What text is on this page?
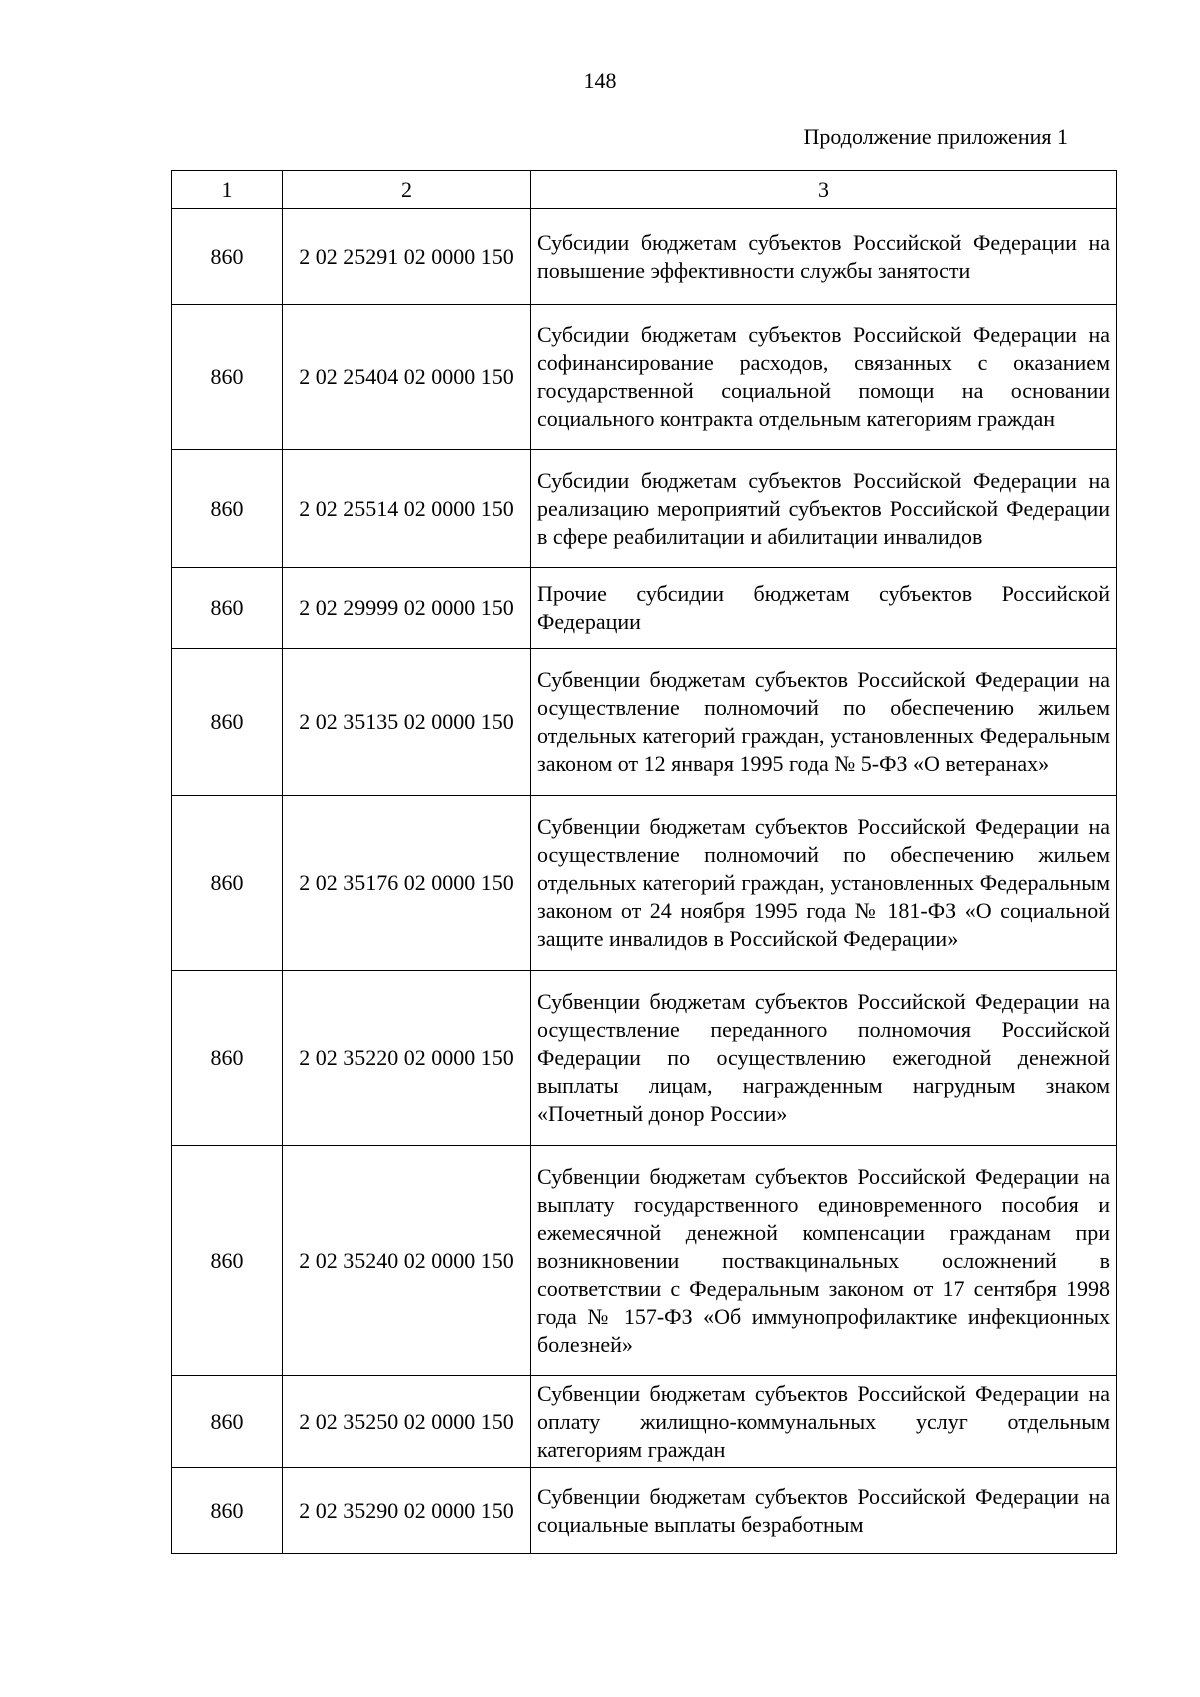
148
Продолжение приложения 1
1	2	3
860	2 02 25291 02 0000 150	Субсидии бюджетам субъектов Российской Федерации на повышение эффективности службы занятости
860	2 02 25404 02 0000 150	Субсидии бюджетам субъектов Российской Федерации на софинансирование расходов, связанных с оказанием государственной социальной помощи на основании социального контракта отдельным категориям граждан
860	2 02 25514 02 0000 150	Субсидии бюджетам субъектов Российской Федерации на реализацию мероприятий субъектов Российской Федерации в сфере реабилитации и абилитации инвалидов
860	2 02 29999 02 0000 150	Прочие субсидии бюджетам субъектов Российской Федерации
860	2 02 35135 02 0000 150	Субвенции бюджетам субъектов Российской Федерации на осуществление полномочий по обеспечению жильем отдельных категорий граждан, установленных Федеральным законом от 12 января 1995 года № 5-ФЗ «О ветеранах»
860	2 02 35176 02 0000 150	Субвенции бюджетам субъектов Российской Федерации на осуществление полномочий по обеспечению жильем отдельных категорий граждан, установленных Федеральным законом от 24 ноября 1995 года № 181-ФЗ «О социальной защите инвалидов в Российской Федерации»
860	2 02 35220 02 0000 150	Субвенции бюджетам субъектов Российской Федерации на осуществление переданного полномочия Российской Федерации по осуществлению ежегодной денежной выплаты лицам, награжденным нагрудным знаком «Почетный донор России»
860	2 02 35240 02 0000 150	Субвенции бюджетам субъектов Российской Федерации на выплату государственного единовременного пособия и ежемесячной денежной компенсации гражданам при возникновении поствакцинальных осложнений в соответствии с Федеральным законом от 17 сентября 1998 года № 157-ФЗ «Об иммунопрофилактике инфекционных болезней»
860	2 02 35250 02 0000 150	Субвенции бюджетам субъектов Российской Федерации на оплату жилищно-коммунальных услуг отдельным категориям граждан
860	2 02 35290 02 0000 150	Субвенции бюджетам субъектов Российской Федерации на социальные выплаты безработным
